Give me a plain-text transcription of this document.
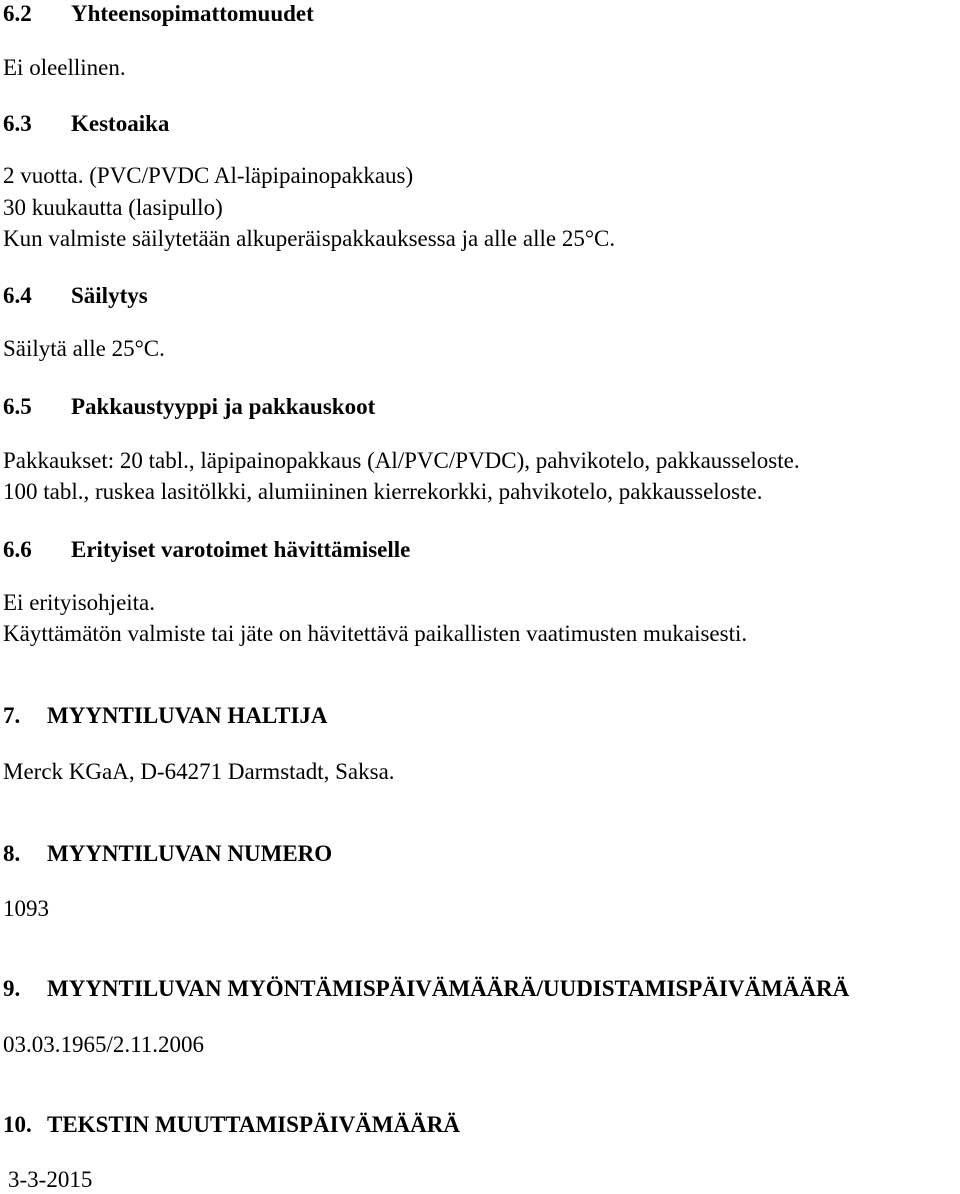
6.2 Yhteensopimattomuudet
Ei oleellinen.
6.3 Kestoaika
2 vuotta. (PVC/PVDC Al-läpipainopakkaus)
30 kuukautta (lasipullo)
Kun valmiste säilytetään alkuperäispakkauksessa ja alle alle 25°C.
6.4 Säilytys
Säilytä alle 25°C.
6.5 Pakkaustyyppi ja pakkauskoot
Pakkaukset: 20 tabl., läpipainopakkaus (Al/PVC/PVDC), pahvikotelo, pakkausseloste.
100 tabl., ruskea lasitölkki, alumiininen kierrekorkki, pahvikotelo, pakkausseloste.
6.6 Erityiset varotoimet hävittämiselle
Ei erityisohjeita.
Käyttämätön valmiste tai jäte on hävitettävä paikallisten vaatimusten mukaisesti.
7. MYYNTILUVAN HALTIJA
Merck KGaA, D-64271 Darmstadt, Saksa.
8. MYYNTILUVAN NUMERO
1093
9. MYYNTILUVAN MYÖNTÄMISPÄIVÄMÄÄRÄ/UUDISTAMISPÄIVÄMÄÄRÄ
03.03.1965/2.11.2006
10. TEKSTIN MUUTTAMISPÄIVÄMÄÄRÄ
3-3-2015
